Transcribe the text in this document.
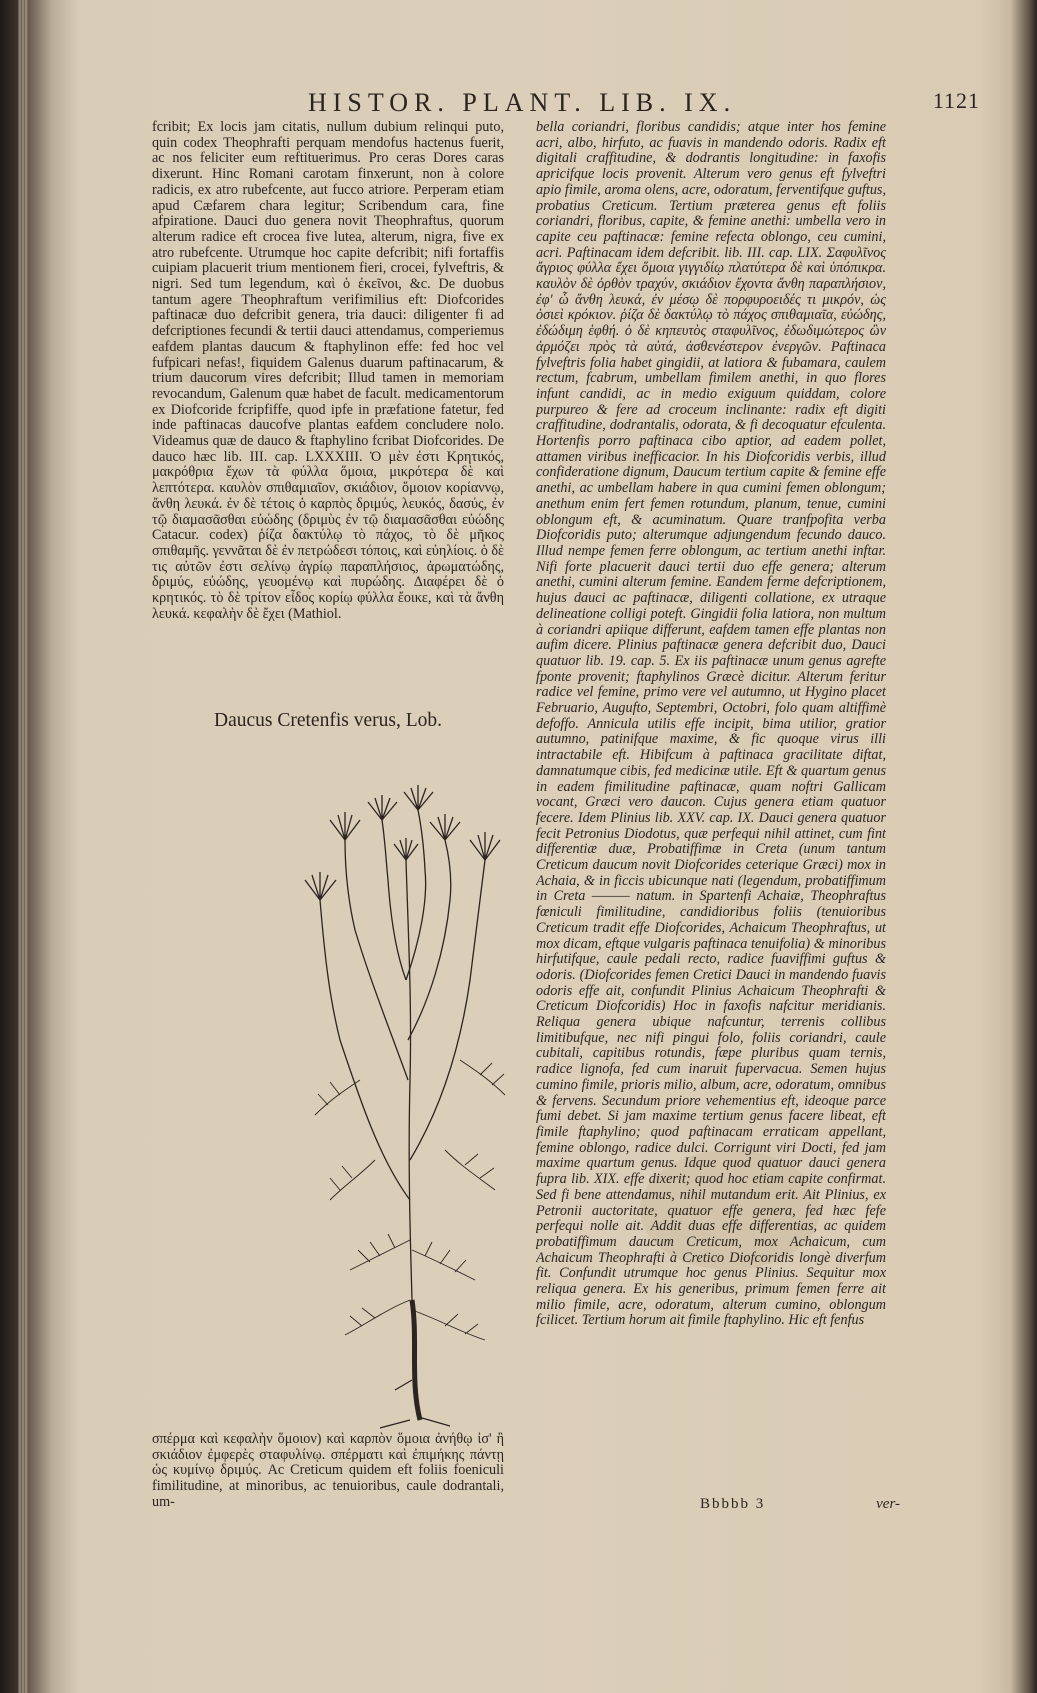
HISTOR. PLANT. LIB. IX.	1121

fcribit; Ex locis jam citatis, nullum dubium relinqui puto, quin codex Theophrafti perquam mendofus hactenus fuerit, ac nos feliciter eum reftituerimus. Pro ceras Dores caras dixerunt. Hinc Romani carotam finxerunt, non à colore radicis, ex atro rubefcente, aut fucco atriore. Perperam etiam apud Cæfarem chara legitur; Scribendum cara, fine afpiratione. Dauci duo genera novit Theophraftus, quorum alterum radice eft crocea five lutea, alterum, nigra, five ex atro rubefcente. Utrumque hoc capite defcribit; nifi fortaffis cuipiam placuerit trium mentionem fieri, crocei, fylveftris, & nigri. Sed tum legendum, καὶ ὁ ἐκεῖνοι, &c. De duobus tantum agere Theophraftum verifimilius eft: Diofcorides paftinacæ duo defcribit genera, tria dauci: diligenter fi ad defcriptiones fecundi & tertii dauci attendamus, comperiemus eafdem plantas daucum & ftaphylinon effe: fed hoc vel fufpicari nefas!, fiquidem Galenus duarum paftinacarum, & trium daucorum vires defcribit; Illud tamen in memoriam revocandum, Galenum quæ habet de facult. medicamentorum ex Diofcoride fcripfiffe, quod ipfe in præfatione fatetur, fed inde paftinacas daucofve plantas eafdem concludere nolo. Videamus quæ de dauco & ftaphylino fcribat Diofcorides. De dauco hæc lib. III. cap. LXXXIII. Ὁ μὲν ἐστι Κρητικός, μακρόθρια ἔχων τὰ φύλλα ὅμοια, μικρότερα δὲ καὶ λεπτότερα. καυλὸν σπιθαμιαῖον, σκιάδιον, ὅμοιον κορίαννῳ, ἄνθη λευκά. ἐν δὲ τέτοις ὁ καρπὸς δριμύς, λευκός, δασύς, ἐν τῷ διαμασᾶσθαι εὐώδης (δριμὺς ἐν τῷ διαμασᾶσθαι εὐώδης Catacur. codex) ῥίζα δακτύλῳ τὸ πάχος, τὸ δὲ μῆκος σπιθαμῆς. γεννᾶται δὲ ἐν πετρώδεσι τόποις, καὶ εὐηλίοις. ὁ δὲ τις αὐτῶν ἐστι σελίνῳ ἀγρίῳ παραπλήσιος, ἀρωματώδης, δριμύς, εὐώδης, γευομένῳ καὶ πυρώδης. Διαφέρει δὲ ὁ κρητικός. τὸ δὲ τρίτον εἶδος κορίῳ φύλλα ἔοικε, καὶ τὰ ἄνθη λευκά. κεφαλὴν δὲ ἔχει (Mathiol.

Daucus Cretenfis verus, Lob.

σπέρμα καὶ κεφαλὴν ὅμοιον) καὶ καρπὸν ὅμοια ἀνήθῳ ἰσ' ἢ σκιάδιον ἐμφερὲς σταφυλίνῳ. σπέρματι καὶ ἐπιμήκης πάντῃ ὡς κυμίνῳ δριμύς. Ac Creticum quidem eft foliis foeniculi fimilitudine, at minoribus, ac tenuioribus, caule dodrantali, um-

bella coriandri, floribus candidis; atque inter hos femine acri, albo, hirfuto, ac fuavis in mandendo odoris. Radix eft digitali craffitudine, & dodrantis longitudine: in faxofis apricifque locis provenit. Alterum vero genus eft fylveftri apio fimile, aroma olens, acre, odoratum, ferventifque guftus, probatius Creticum. Tertium præterea genus eft foliis coriandri, floribus, capite, & femine anethi: umbella vero in capite ceu paftinacæ: femine refecta oblongo, ceu cumini, acri. Paftinacam idem defcribit. lib. III. cap. LIX. Σαφυλῖνος ἄγριος φύλλα ἔχει ὅμοια γιγγιδίῳ πλατύτερα δὲ καὶ ὑπόπικρα. καυλὸν δὲ ὀρθὸν τραχύν, σκιάδιον ἔχοντα ἄνθη παραπλήσιον, ἐφ' ὧ ἄνθη λευκά, ἐν μέσῳ δὲ πορφυροειδές τι μικρόν, ὡς ὁσιεὶ κρόκιον. ῥίζα δὲ δακτύλῳ τὸ πάχος σπιθαμιαῖα, εὐώδης, ἐδώδιμη ἑφθή. ὁ δὲ κηπευτὸς σταφυλῖνος, ἐδωδιμώτερος ὢν ἀρμόζει πρὸς τὰ αὐτά, ἀσθενέστερον ἐνεργῶν. Paftinaca fylveftris folia habet gingidii, at latiora & fubamara, caulem rectum, fcabrum, umbellam fimilem anethi, in quo flores infunt candidi, ac in medio exiguum quiddam, colore purpureo & fere ad croceum inclinante: radix eft digiti craffitudine, dodrantalis, odorata, & fi decoquatur efculenta. Hortenfis porro paftinaca cibo aptior, ad eadem pollet, attamen viribus inefficacior. In his Diofcoridis verbis, illud confideratione dignum, Daucum tertium capite & femine effe anethi, ac umbellam habere in qua cumini femen oblongum; anethum enim fert femen rotundum, planum, tenue, cumini oblongum eft, & acuminatum. Quare tranfpofita verba Diofcoridis puto; alterumque adjungendum fecundo dauco. Illud nempe femen ferre oblongum, ac tertium anethi inftar. Nifi forte placuerit dauci tertii duo effe genera; alterum anethi, cumini alterum femine. Eandem ferme defcriptionem, hujus dauci ac paftinacæ, diligenti collatione, ex utraque delineatione colligi poteft. Gingidii folia latiora, non multum à coriandri apiique differunt, eafdem tamen effe plantas non aufim dicere. Plinius paftinacæ genera defcribit duo, Dauci quatuor lib. 19. cap. 5. Ex iis paftinacæ unum genus agrefte fponte provenit; ftaphylinos Græcè dicitur. Alterum feritur radice vel femine, primo vere vel autumno, ut Hygino placet Februario, Augufto, Septembri, Octobri, folo quam altiffimè defoffo. Annicula utilis effe incipit, bima utilior, gratior autumno, patinifque maxime, & fic quoque virus illi intractabile eft. Hibifcum à paftinaca gracilitate diftat, damnatumque cibis, fed medicinæ utile. Eft & quartum genus in eadem fimilitudine paftinacæ, quam noftri Gallicam vocant, Græci vero daucon. Cujus genera etiam quatuor fecere. Idem Plinius lib. XXV. cap. IX. Dauci genera quatuor fecit Petronius Diodotus, quæ perfequi nihil attinet, cum fint differentiæ duæ, Probatiffimæ in Creta (unum tantum Creticum daucum novit Diofcorides ceterique Græci) mox in Achaia, & in ficcis ubicunque nati (legendum, probatiffimum in Creta ——— natum. in Spartenfi Achaiæ, Theophraftus fœniculi fimilitudine, candidioribus foliis (tenuioribus Creticum tradit effe Diofcorides, Achaicum Theophraftus, ut mox dicam, eftque vulgaris paftinaca tenuifolia) & minoribus hirfutifque, caule pedali recto, radice fuaviffimi guftus & odoris. (Diofcorides femen Cretici Dauci in mandendo fuavis odoris effe ait, confundit Plinius Achaicum Theophrafti & Creticum Diofcoridis) Hoc in faxofis nafcitur meridianis. Reliqua genera ubique nafcuntur, terrenis collibus limitibufque, nec nifi pingui folo, foliis coriandri, caule cubitali, capitibus rotundis, fæpe pluribus quam ternis, radice lignofa, fed cum inaruit fupervacua. Semen hujus cumino fimile, prioris milio, album, acre, odoratum, omnibus & fervens. Secundum priore vehementius eft, ideoque parce fumi debet. Si jam maxime tertium genus facere libeat, eft fimile ftaphylino; quod paftinacam erraticam appellant, femine oblongo, radice dulci. Corrigunt viri Docti, fed jam maxime quartum genus. Idque quod quatuor dauci genera fupra lib. XIX. effe dixerit; quod hoc etiam capite confirmat. Sed fi bene attendamus, nihil mutandum erit. Ait Plinius, ex Petronii auctoritate, quatuor effe genera, fed hæc fefe perfequi nolle ait. Addit duas effe differentias, ac quidem probatiffimum daucum Creticum, mox Achaicum, cum Achaicum Theophrafti à Cretico Diofcoridis longè diverfum fit. Confundit utrumque hoc genus Plinius. Sequitur mox reliqua genera. Ex his generibus, primum femen ferre ait milio fimile, acre, odoratum, alterum cumino, oblongum fcilicet. Tertium horum ait fimile ftaphylino. Hic eft fenfus

Bbbbb 3	ver-
